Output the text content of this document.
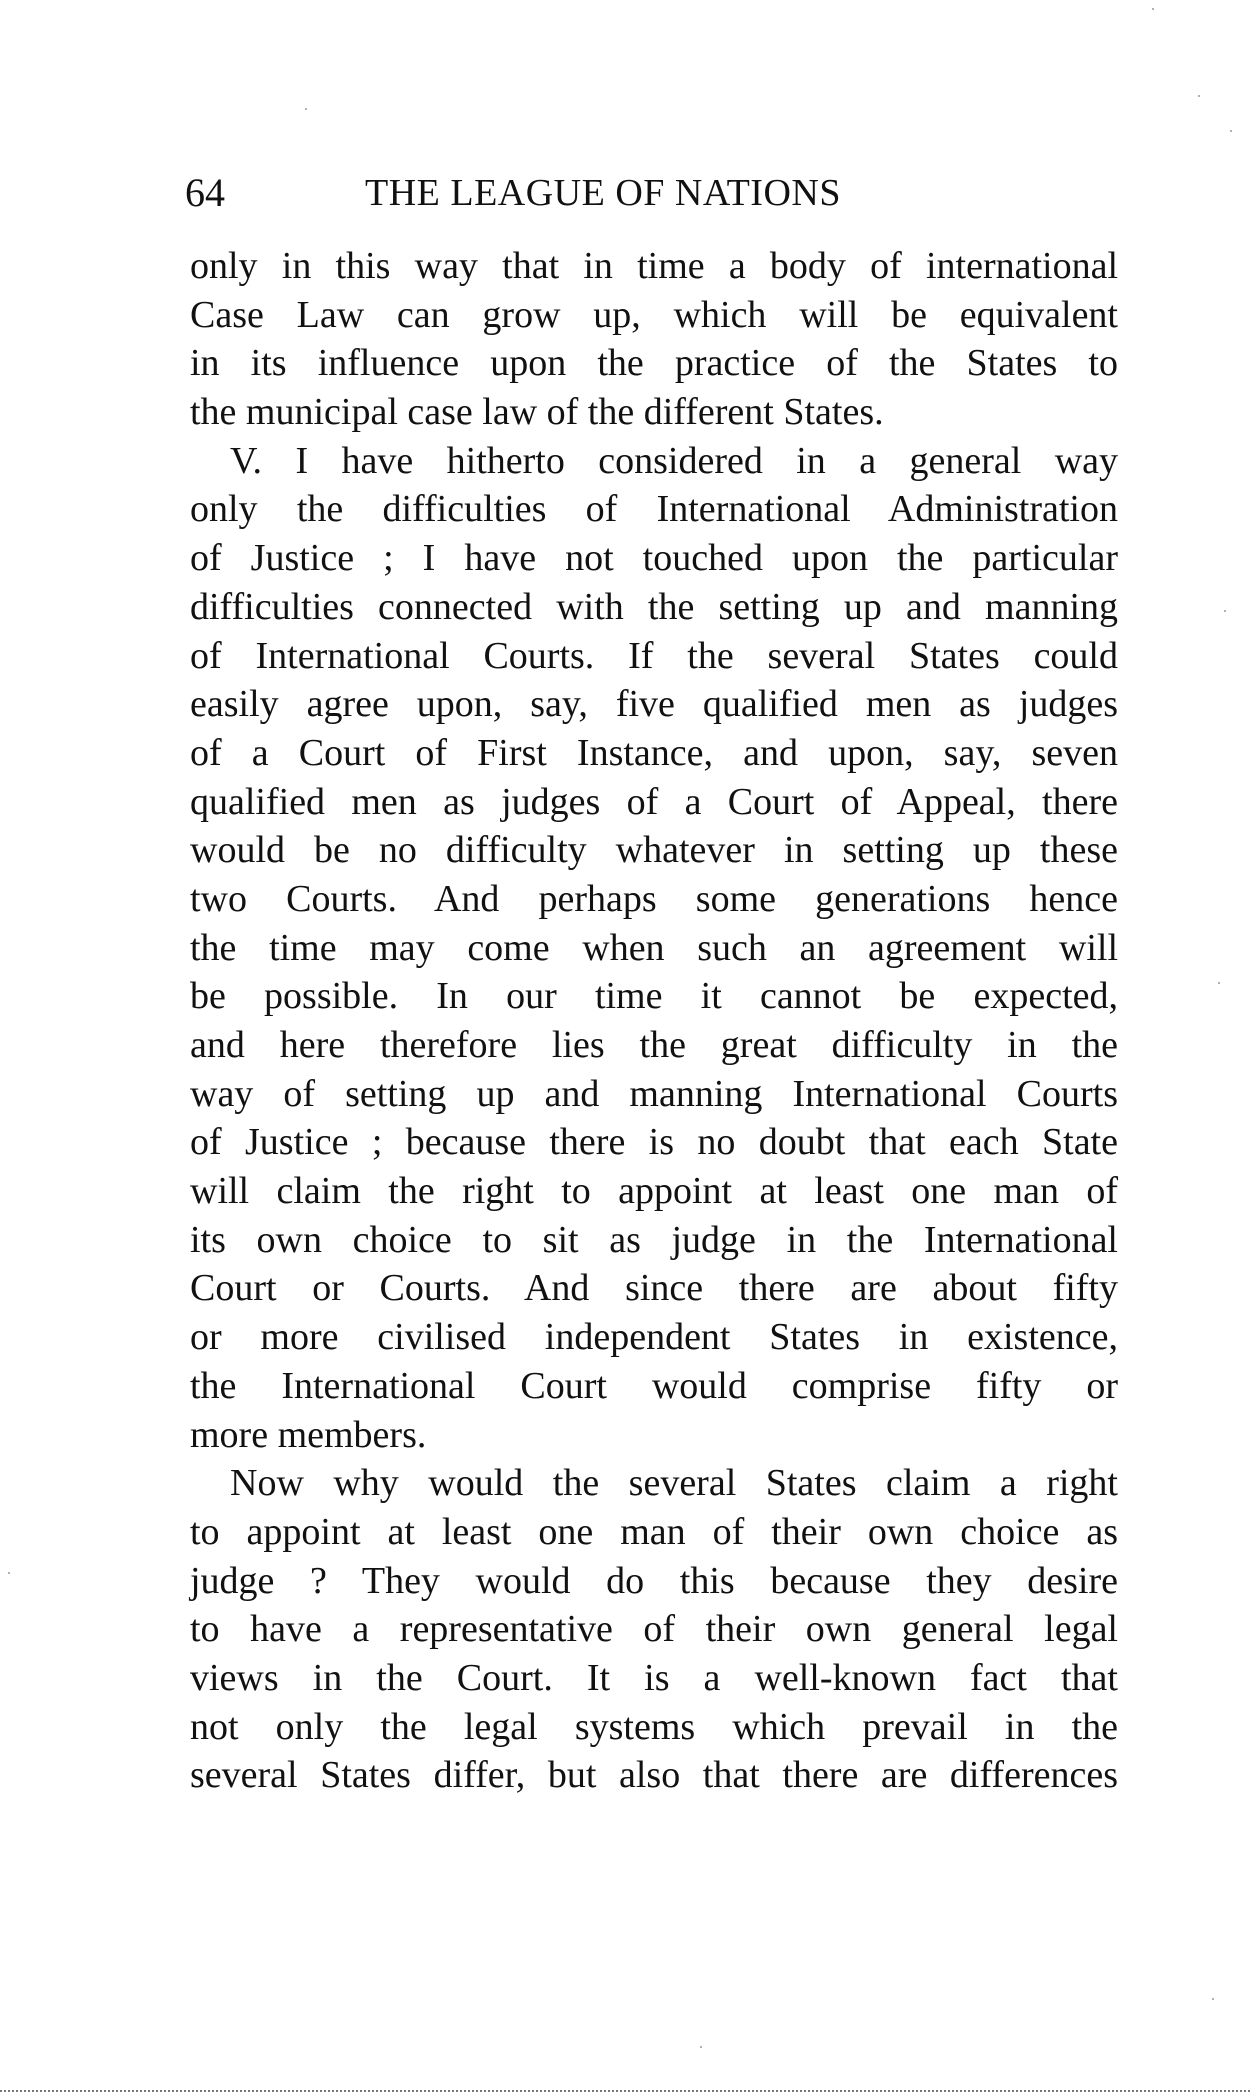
64	THE LEAGUE OF NATIONS
only in this way that in time a body of international
Case Law can grow up, which will be equivalent
in its influence upon the practice of the States to
the municipal case law of the different States.
V. I have hitherto considered in a general way
only the difficulties of International Administration
of Justice ; I have not touched upon the particular
difficulties connected with the setting up and manning
of International Courts. If the several States could
easily agree upon, say, five qualified men as judges
of a Court of First Instance, and upon, say, seven
qualified men as judges of a Court of Appeal, there
would be no difficulty whatever in setting up these
two Courts. And perhaps some generations hence
the time may come when such an agreement will
be possible. In our time it cannot be expected,
and here therefore lies the great difficulty in the
way of setting up and manning International Courts
of Justice ; because there is no doubt that each State
will claim the right to appoint at least one man of
its own choice to sit as judge in the International
Court or Courts. And since there are about fifty
or more civilised independent States in existence,
the International Court would comprise fifty or
more members.
Now why would the several States claim a right
to appoint at least one man of their own choice as
judge ? They would do this because they desire
to have a representative of their own general legal
views in the Court. It is a well-known fact that
not only the legal systems which prevail in the
several States differ, but also that there are differences
